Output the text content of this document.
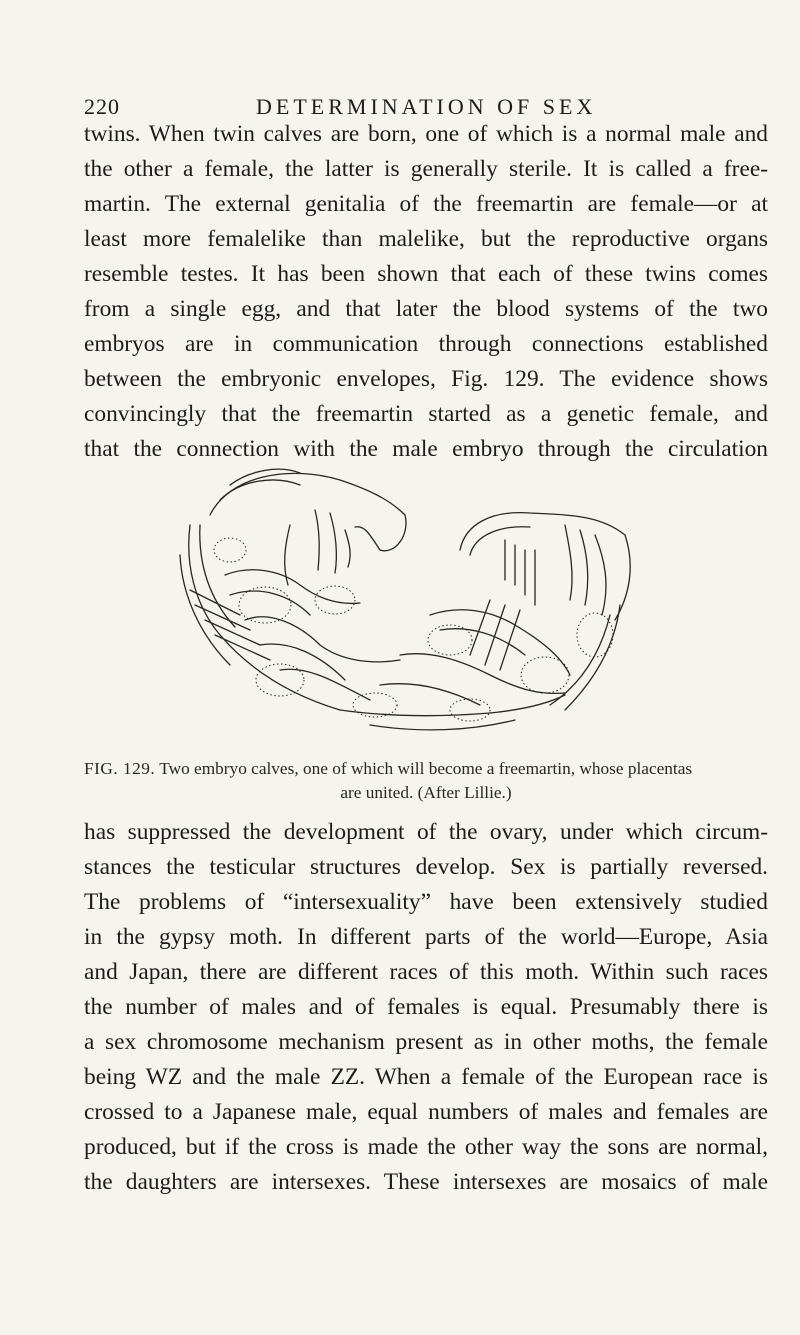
220	DETERMINATION OF SEX
twins. When twin calves are born, one of which is a normal male and
the other a female, the latter is generally sterile. It is called a free-
martin. The external genitalia of the freemartin are female—or at
least more femalelike than malelike, but the reproductive organs
resemble testes. It has been shown that each of these twins comes
from a single egg, and that later the blood systems of the two
embryos are in communication through connections established
between the embryonic envelopes, Fig. 129. The evidence shows
convincingly that the freemartin started as a genetic female, and
that the connection with the male embryo through the circulation
FIG. 129. Two embryo calves, one of which will become a freemartin, whose placentas
are united. (After Lillie.)
has suppressed the development of the ovary, under which circum-
stances the testicular structures develop. Sex is partially reversed.
The problems of “intersexuality” have been extensively studied
in the gypsy moth. In different parts of the world—Europe, Asia
and Japan, there are different races of this moth. Within such races
the number of males and of females is equal. Presumably there is
a sex chromosome mechanism present as in other moths, the female
being WZ and the male ZZ. When a female of the European race is
crossed to a Japanese male, equal numbers of males and females are
produced, but if the cross is made the other way the sons are normal,
the daughters are intersexes. These intersexes are mosaics of male
